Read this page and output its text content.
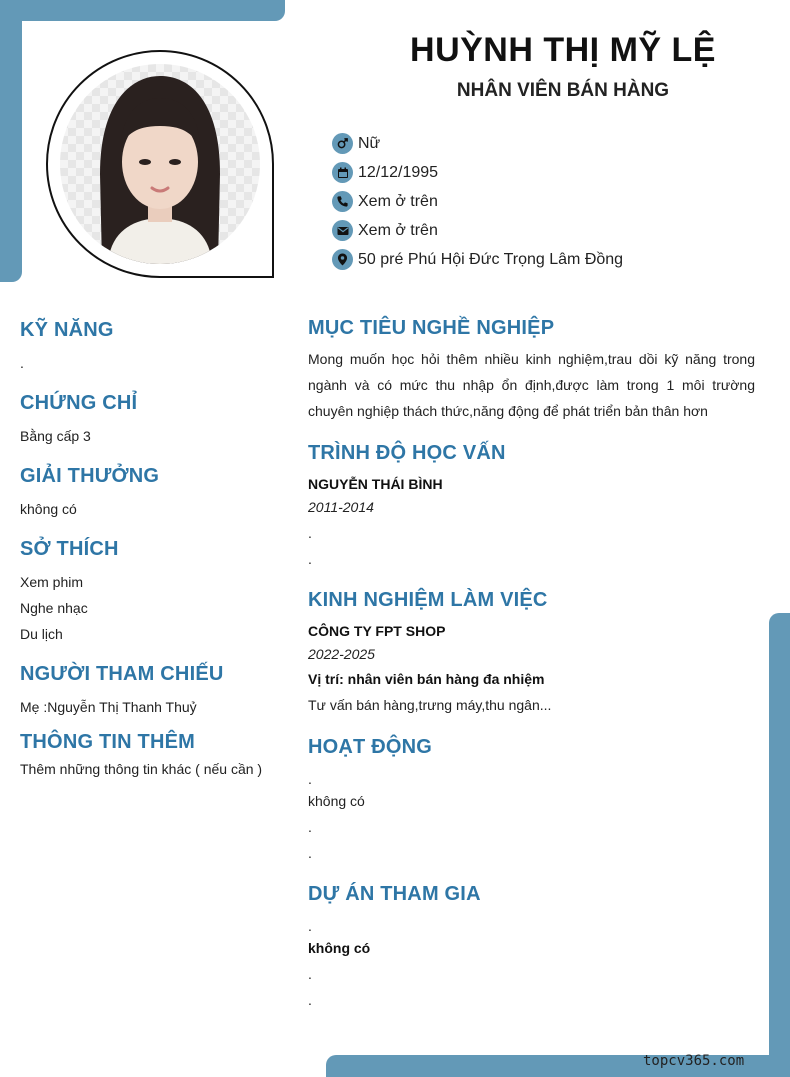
HUỲNH THỊ MỸ LỆ
NHÂN VIÊN BÁN HÀNG
Nữ
12/12/1995
Xem ở trên
Xem ở trên
50 pré Phú Hội Đức Trọng Lâm Đồng
KỸ NĂNG

.

CHỨNG CHỈ

Bằng cấp 3

GIẢI THƯỞNG

không có

SỞ THÍCH

Xem phim

Nghe nhạc

Du lịch

NGƯỜI THAM CHIẾU

Mẹ :Nguyễn Thị Thanh Thuỷ

THÔNG TIN THÊM

Thêm những thông tin khác ( nếu cần )

MỤC TIÊU NGHỀ NGHIỆP

Mong muốn học hỏi thêm nhiều kinh nghiệm,trau dồi kỹ năng trong ngành và có mức thu nhập ổn định,được làm trong 1 môi trường chuyên nghiệp thách thức,năng động để phát triển bản thân hơn

TRÌNH ĐỘ HỌC VẤN

NGUYỄN THÁI BÌNH

2011-2014

.

.

KINH NGHIỆM LÀM VIỆC

CÔNG TY FPT SHOP

2022-2025

Vị trí: nhân viên bán hàng đa nhiệm

Tư vấn bán hàng,trưng máy,thu ngân...

HOẠT ĐỘNG

.

không có

.

.

DỰ ÁN THAM GIA

.

không có

.

.

topcv365.com
